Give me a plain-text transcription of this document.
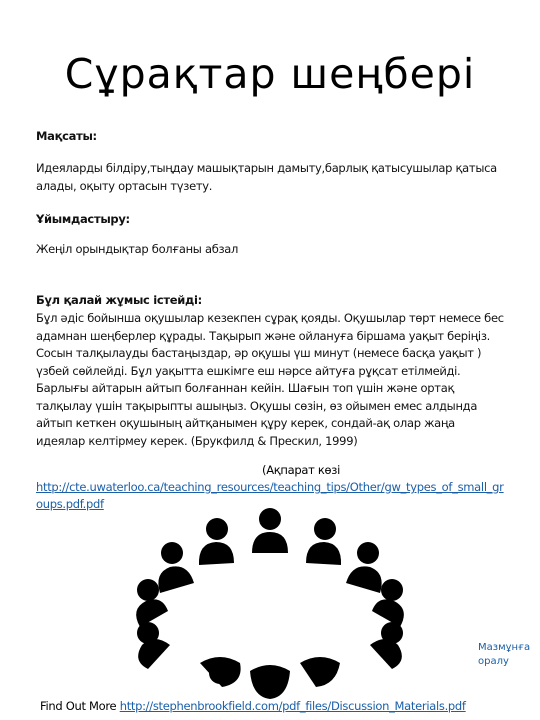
Сұрақтар шеңбері
Мақсаты:
Идеяларды білдіру,тыңдау машықтарын дамыту,барлық қатысушылар қатыса алады, оқыту ортасын түзету.
Ұйымдастыру:
Жеңіл орындықтар болғаны абзал
Бұл қалай жұмыс істейді:
Бұл әдіс бойынша оқушылар кезекпен сұрақ қояды. Оқушылар төрт немесе бес адамнан шеңберлер құрады. Тақырып және ойлануға біршама уақыт беріңіз. Сосын талқылауды бастаңыздар, әр оқушы үш минут (немесе басқа уақыт ) үзбей сөйлейді. Бұл уақытта ешкімге еш нәрсе айтуға рұқсат етілмейді. Барлығы айтарын айтып болғаннан кейін. Шағын топ үшін және ортақ талқылау үшін тақырыпты ашыңыз. Оқушы сөзін, өз ойымен емес алдында айтып кеткен оқушының айтқанымен құру керек, сондай-ақ олар жаңа идеялар келтірмеу керек. (Брукфилд & Прескил, 1999)
(Ақпарат көзі
http://cte.uwaterloo.ca/teaching_resources/teaching_tips/Other/gw_types_of_small_groups.pdf.pdf
Мазмұнға оралу
Find Out More http://stephenbrookfield.com/pdf_files/Discussion_Materials.pdf
